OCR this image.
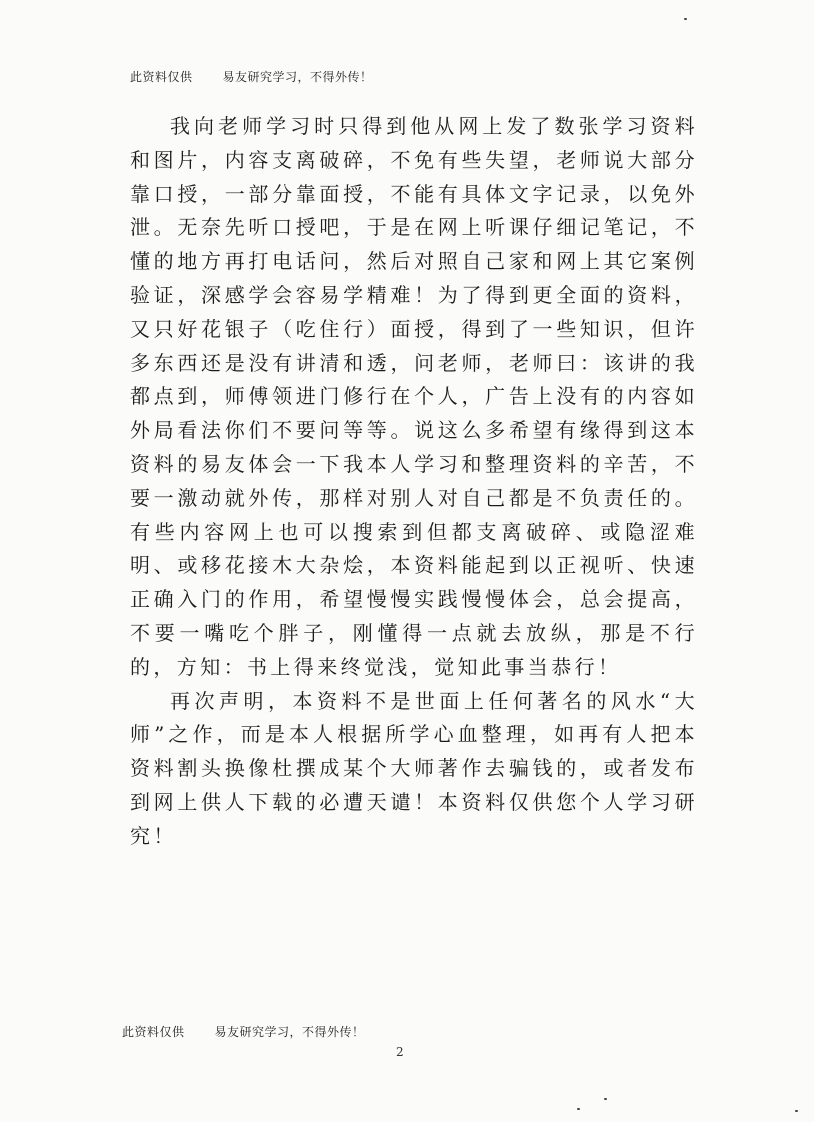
此资料仅供	易友研究学习，不得外传！

我向老师学习时只得到他从网上发了数张学习资料和图片，内容支离破碎，不免有些失望，老师说大部分靠口授，一部分靠面授，不能有具体文字记录，以免外泄。无奈先听口授吧，于是在网上听课仔细记笔记，不懂的地方再打电话问，然后对照自己家和网上其它案例验证，深感学会容易学精难！为了得到更全面的资料，又只好花银子（吃住行）面授，得到了一些知识，但许多东西还是没有讲清和透，问老师，老师曰：该讲的我都点到，师傅领进门修行在个人，广告上没有的内容如外局看法你们不要问等等。说这么多希望有缘得到这本资料的易友体会一下我本人学习和整理资料的辛苦，不要一激动就外传，那样对别人对自己都是不负责任的。有些内容网上也可以搜索到但都支离破碎、或隐涩难明、或移花接木大杂烩，本资料能起到以正视听、快速正确入门的作用，希望慢慢实践慢慢体会，总会提高，不要一嘴吃个胖子，刚懂得一点就去放纵，那是不行的，方知：书上得来终觉浅，觉知此事当恭行！

再次声明，本资料不是世面上任何著名的风水“大师”之作，而是本人根据所学心血整理，如再有人把本资料割头换像杜撰成某个大师著作去骗钱的，或者发布到网上供人下载的必遭天谴！本资料仅供您个人学习研究！

此资料仅供	易友研究学习，不得外传！
2
